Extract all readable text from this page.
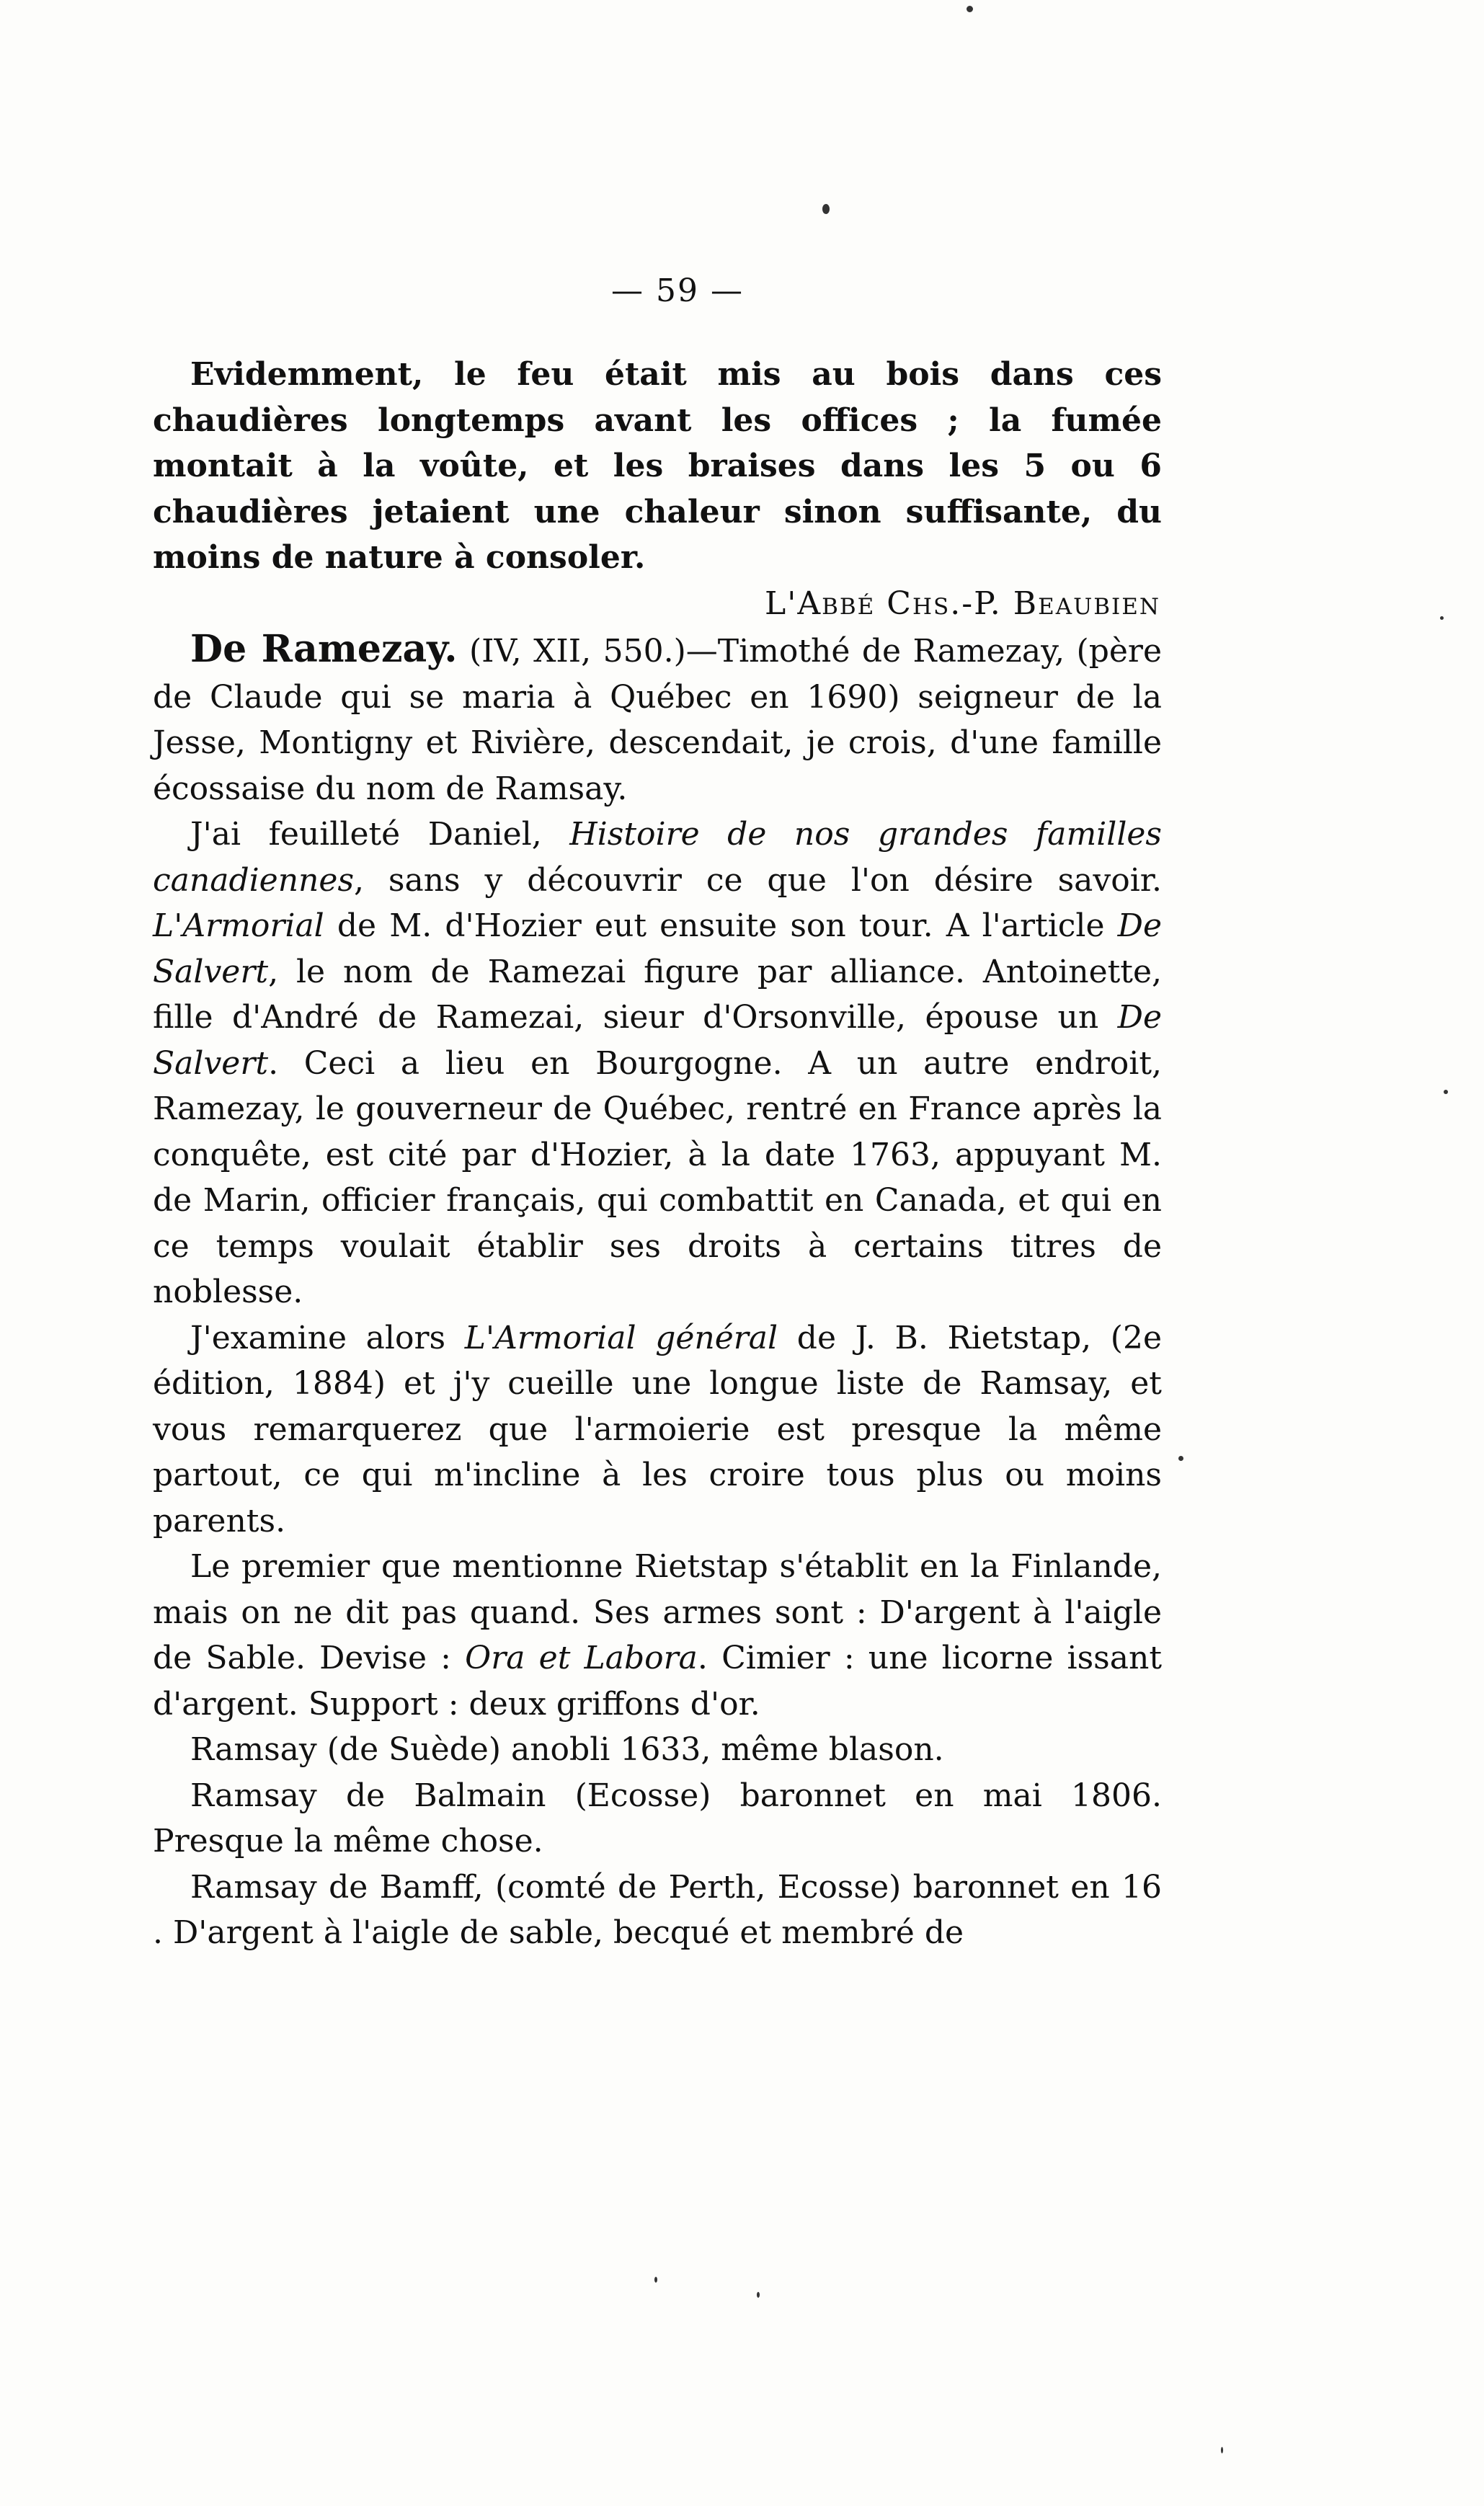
— 59 —

Evidemment, le feu était mis au bois dans ces chaudières longtemps avant les offices ; la fumée montait à la voûte, et les braises dans les 5 ou 6 chaudières jetaient une chaleur sinon suffisante, du moins de nature à consoler.

L'Abbé Chs.-P. Beaubien

De Ramezay. (IV, XII, 550.)—Timothé de Ramezay, (père de Claude qui se maria à Québec en 1690) seigneur de la Jesse, Montigny et Rivière, descendait, je crois, d'une famille écossaise du nom de Ramsay.

J'ai feuilleté Daniel, Histoire de nos grandes familles canadiennes, sans y découvrir ce que l'on désire savoir. L'Armorial de M. d'Hozier eut ensuite son tour. A l'article De Salvert, le nom de Ramezai figure par alliance. Antoinette, fille d'André de Ramezai, sieur d'Orsonville, épouse un De Salvert. Ceci a lieu en Bourgogne. A un autre endroit, Ramezay, le gouverneur de Québec, rentré en France après la conquête, est cité par d'Hozier, à la date 1763, appuyant M. de Marin, officier français, qui combattit en Canada, et qui en ce temps voulait établir ses droits à certains titres de noblesse.

J'examine alors L'Armorial général de J. B. Rietstap, (2e édition, 1884) et j'y cueille une longue liste de Ramsay, et vous remarquerez que l'armoierie est presque la même partout, ce qui m'incline à les croire tous plus ou moins parents.

Le premier que mentionne Rietstap s'établit en la Finlande, mais on ne dit pas quand. Ses armes sont : D'argent à l'aigle de Sable. Devise : Ora et Labora. Cimier : une licorne issant d'argent. Support : deux griffons d'or.

Ramsay (de Suède) anobli 1633, même blason.

Ramsay de Balmain (Ecosse) baronnet en mai 1806. Presque la même chose.

Ramsay de Bamff, (comté de Perth, Ecosse) baronnet en 16 . D'argent à l'aigle de sable, becqué et membré de
